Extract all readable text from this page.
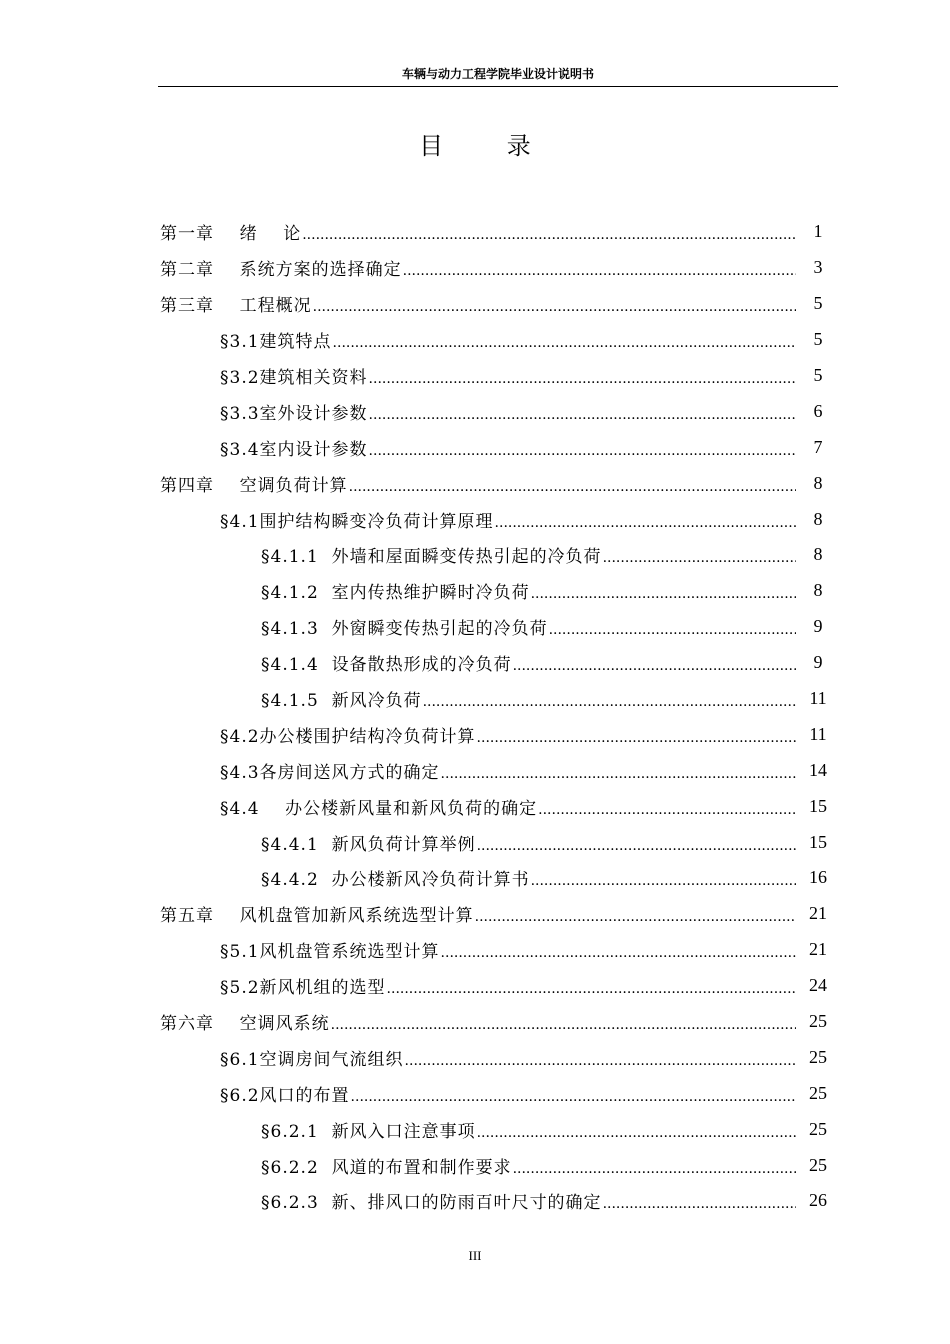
车辆与动力工程学院毕业设计说明书
目 录
第一章    绪    论 .....	1
第二章    系统方案的选择确定 .....	3
第三章    工程概况 .....	5
§3.1建筑特点 .....	5
§3.2建筑相关资料 .....	5
§3.3室外设计参数 .....	6
§3.4室内设计参数 .....	7
第四章    空调负荷计算 .....	8
§4.1围护结构瞬变冷负荷计算原理 .....	8
§4.1.1  外墙和屋面瞬变传热引起的冷负荷 .....	8
§4.1.2  室内传热维护瞬时冷负荷 .....	8
§4.1.3  外窗瞬变传热引起的冷负荷 .....	9
§4.1.4  设备散热形成的冷负荷 .....	9
§4.1.5  新风冷负荷 .....	11
§4.2办公楼围护结构冷负荷计算 .....	11
§4.3各房间送风方式的确定 .....	14
§4.4    办公楼新风量和新风负荷的确定 .....	15
§4.4.1  新风负荷计算举例 .....	15
§4.4.2  办公楼新风冷负荷计算书 .....	16
第五章    风机盘管加新风系统选型计算 .....	21
§5.1风机盘管系统选型计算 .....	21
§5.2新风机组的选型 .....	24
第六章    空调风系统 .....	25
§6.1空调房间气流组织 .....	25
§6.2风口的布置 .....	25
§6.2.1  新风入口注意事项 .....	25
§6.2.2  风道的布置和制作要求 .....	25
§6.2.3  新、排风口的防雨百叶尺寸的确定 .....	26
III
